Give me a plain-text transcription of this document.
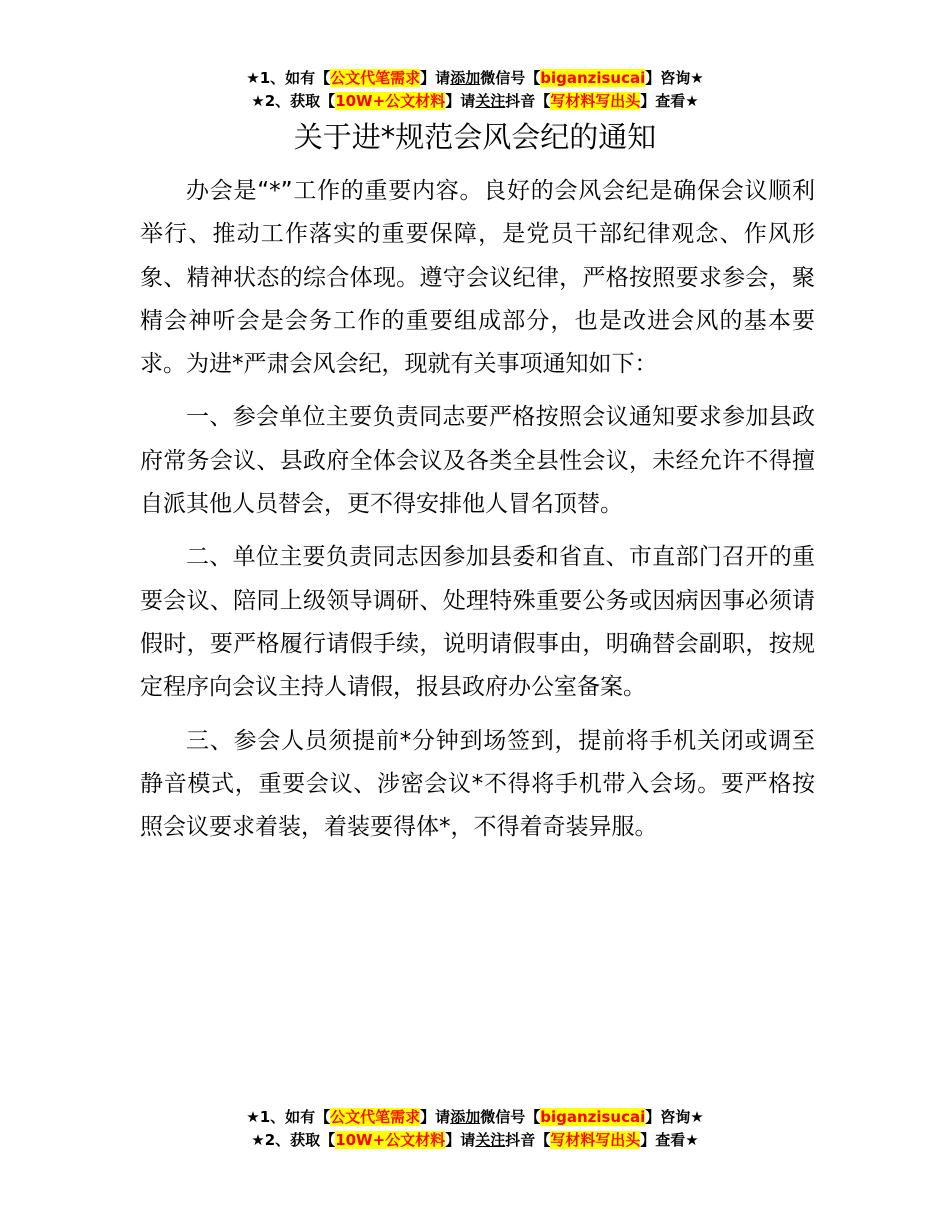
★1、如有【公文代笔需求】请添加微信号【biganzisucai】咨询★
★2、获取【10W+公文材料】请关注抖音【写材料写出头】查看★
关于进*规范会风会纪的通知

办会是“*”工作的重要内容。良好的会风会纪是确保会议顺利举行、推动工作落实的重要保障，是党员干部纪律观念、作风形象、精神状态的综合体现。遵守会议纪律，严格按照要求参会，聚精会神听会是会务工作的重要组成部分，也是改进会风的基本要求。为进*严肃会风会纪，现就有关事项通知如下：

一、参会单位主要负责同志要严格按照会议通知要求参加县政府常务会议、县政府全体会议及各类全县性会议，未经允许不得擅自派其他人员替会，更不得安排他人冒名顶替。

二、单位主要负责同志因参加县委和省直、市直部门召开的重要会议、陪同上级领导调研、处理特殊重要公务或因病因事必须请假时，要严格履行请假手续，说明请假事由，明确替会副职，按规定程序向会议主持人请假，报县政府办公室备案。

三、参会人员须提前*分钟到场签到，提前将手机关闭或调至静音模式，重要会议、涉密会议*不得将手机带入会场。要严格按照会议要求着装，着装要得体*，不得着奇装异服。

★1、如有【公文代笔需求】请添加微信号【biganzisucai】咨询★
★2、获取【10W+公文材料】请关注抖音【写材料写出头】查看★
